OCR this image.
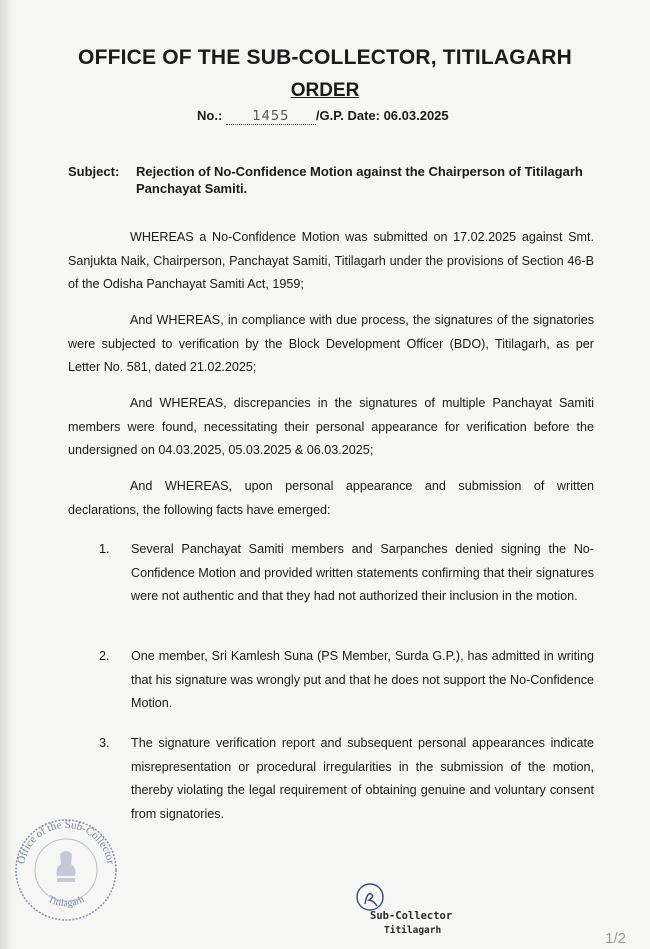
OFFICE OF THE SUB-COLLECTOR, TITILAGARH
ORDER
No.: 1455 /G.P. Date: 06.03.2025
Subject: Rejection of No-Confidence Motion against the Chairperson of Titilagarh Panchayat Samiti.
WHEREAS a No-Confidence Motion was submitted on 17.02.2025 against Smt. Sanjukta Naik, Chairperson, Panchayat Samiti, Titilagarh under the provisions of Section 46-B of the Odisha Panchayat Samiti Act, 1959;
And WHEREAS, in compliance with due process, the signatures of the signatories were subjected to verification by the Block Development Officer (BDO), Titilagarh, as per Letter No. 581, dated 21.02.2025;
And WHEREAS, discrepancies in the signatures of multiple Panchayat Samiti members were found, necessitating their personal appearance for verification before the undersigned on 04.03.2025, 05.03.2025 & 06.03.2025;
And WHEREAS, upon personal appearance and submission of written declarations, the following facts have emerged:
1. Several Panchayat Samiti members and Sarpanches denied signing the No-Confidence Motion and provided written statements confirming that their signatures were not authentic and that they had not authorized their inclusion in the motion.
2. One member, Sri Kamlesh Suna (PS Member, Surda G.P.), has admitted in writing that his signature was wrongly put and that he does not support the No-Confidence Motion.
3. The signature verification report and subsequent personal appearances indicate misrepresentation or procedural irregularities in the submission of the motion, thereby violating the legal requirement of obtaining genuine and voluntary consent from signatories.
Office of the Sub-Collector
Titilagarh
Sub-Collector
Titilagarh	1/2
